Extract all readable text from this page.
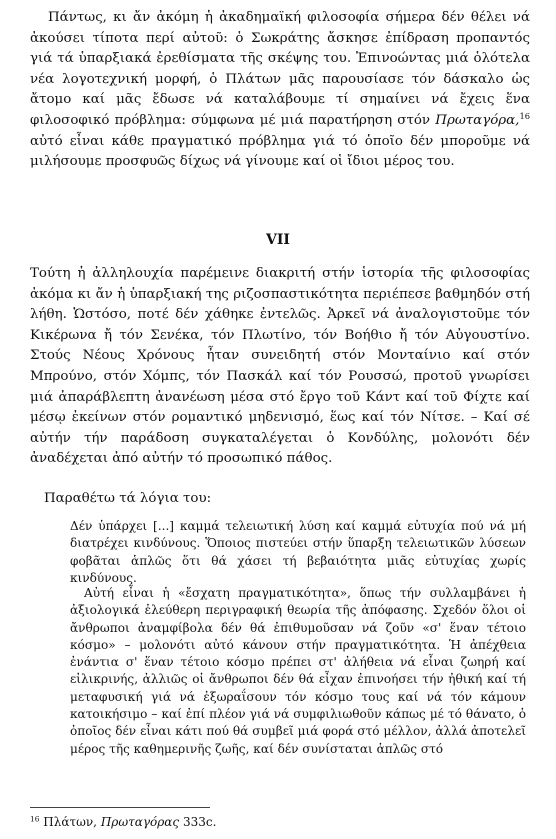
Πάντως, κι ἄν ἀκόμη ἡ ἀκαδημαϊκή φιλοσοφία σήμερα δέν θέλει νά ἀκούσει τίποτα περί αὐτοῦ: ὁ Σωκράτης ἄσκησε ἐπίδραση προπαντός γιά τά ὑπαρξιακά ἐρεθίσματα τῆς σκέψης του. Ἐπινοώντας μιά ὁλότελα νέα λογοτεχνική μορφή, ὁ Πλάτων μᾶς παρουσίασε τόν δάσκαλο ὡς ἄτομο καί μᾶς ἔδωσε νά καταλάβουμε τί σημαίνει νά ἔχεις ἕνα φιλοσοφικό πρόβλημα: σύμφωνα μέ μιά παρατήρηση στόν Πρωταγόρα,$^{16}$ αὐτό εἶναι κάθε πραγματικό πρόβλημα γιά τό ὁποῖο δέν μποροῦμε νά μιλήσουμε προσφυῶς δίχως νά γίνουμε καί οἱ ἴδιοι μέρος του.

VII

Τούτη ἡ ἀλληλουχία παρέμεινε διακριτή στήν ἱστορία τῆς φιλοσοφίας ἀκόμα κι ἄν ἡ ὑπαρξιακή της ριζοσπαστικότητα περιέπεσε βαθμηδόν στή λήθη. Ὡστόσο, ποτέ δέν χάθηκε ἐντελῶς. Ἀρκεῖ νά ἀναλογιστοῦμε τόν Κικέρωνα ἤ τόν Σενέκα, τόν Πλωτίνο, τόν Βοήθιο ἤ τόν Αὐγουστίνο. Στούς Νέους Χρόνους ἦταν συνειδητή στόν Μονταίνιο καί στόν Μπρούνο, στόν Χόμπς, τόν Πασκάλ καί τόν Ρουσσώ, προτοῦ γνωρίσει μιά ἀπαράβλεπτη ἀνανέωση μέσα στό ἔργο τοῦ Κάντ καί τοῦ Φίχτε καί μέσῳ ἐκείνων στόν ρομαντικό μηδενισμό, ἕως καί τόν Νίτσε. – Καί σέ αὐτήν τήν παράδοση συγκαταλέγεται ὁ Κονδύλης, μολονότι δέν ἀναδέχεται ἀπό αὐτήν τό προσωπικό πάθος.

Παραθέτω τά λόγια του:

Δέν ὑπάρχει [...] καμμά τελειωτική λύση καί καμμά εὐτυχία πού νά μή διατρέχει κινδύνους. Ὅποιος πιστεύει στήν ὕπαρξη τελειωτικῶν λύσεων φοβᾶται ἁπλῶς ὅτι θά χάσει τή βεβαιότητα μιᾶς εὐτυχίας χωρίς κινδύνους.

Αὐτή εἶναι ἡ «ἔσχατη πραγματικότητα», ὅπως τήν συλλαμβάνει ἡ ἀξιολογικά ἐλεύθερη περιγραφική θεωρία τῆς ἀπόφασης. Σχεδόν ὅλοι οἱ ἄνθρωποι ἀναμφίβολα δέν θά ἐπιθυμοῦσαν νά ζοῦν «σ' ἕναν τέτοιο κόσμο» – μολονότι αὐτό κάνουν στήν πραγματικότητα. Ἡ ἀπέχθεια ἐνάντια σ' ἕναν τέτοιο κόσμο πρέπει στ' ἀλήθεια νά εἶναι ζωηρή καί εἰλικρινής, ἀλλιῶς οἱ ἄνθρωποι δέν θά εἶχαν ἐπινοήσει τήν ἠθική καί τή μεταφυσική γιά νά ἐξωραΐσουν τόν κόσμο τους καί νά τόν κάμουν κατοικήσιμο – καί ἐπί πλέον γιά νά συμφιλιωθοῦν κάπως μέ τό θάνατο, ὁ ὁποῖος δέν εἶναι κάτι πού θά συμβεῖ μιά φορά στό μέλλον, ἀλλά ἀποτελεῖ μέρος τῆς καθημερινῆς ζωῆς, καί δέν συνίσταται ἁπλῶς στό

$^{16}$ Πλάτων, Πρωταγόρας 333c.
